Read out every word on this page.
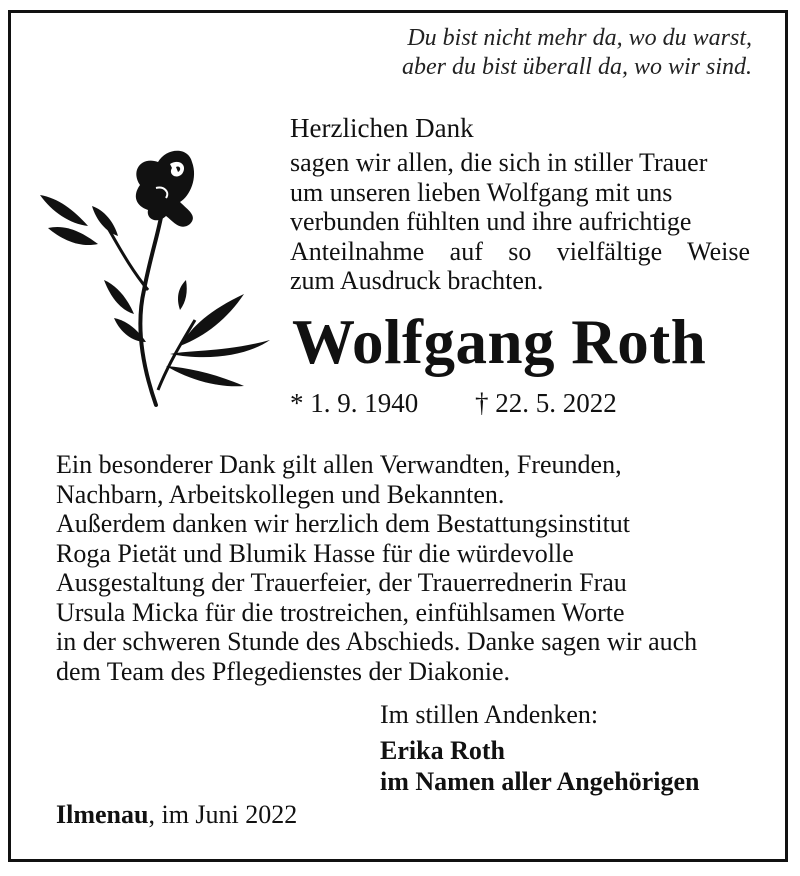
Du bist nicht mehr da, wo du warst,
aber du bist überall da, wo wir sind.
Herzlichen Dank
sagen wir allen, die sich in stiller Trauer
um unseren lieben Wolfgang mit uns
verbunden fühlten und ihre aufrichtige
Anteilnahme auf so vielfältige Weise
zum Ausdruck brachten.
Wolfgang Roth
* 1. 9. 1940 † 22. 5. 2022
Ein besonderer Dank gilt allen Verwandten, Freunden,
Nachbarn, Arbeitskollegen und Bekannten.
Außerdem danken wir herzlich dem Bestattungsinstitut
Roga Pietät und Blumik Hasse für die würdevolle
Ausgestaltung der Trauerfeier, der Trauerrednerin Frau
Ursula Micka für die trostreichen, einfühlsamen Worte
in der schweren Stunde des Abschieds. Danke sagen wir auch
dem Team des Pflegedienstes der Diakonie.
Im stillen Andenken:
Erika Roth
im Namen aller Angehörigen
Ilmenau, im Juni 2022
